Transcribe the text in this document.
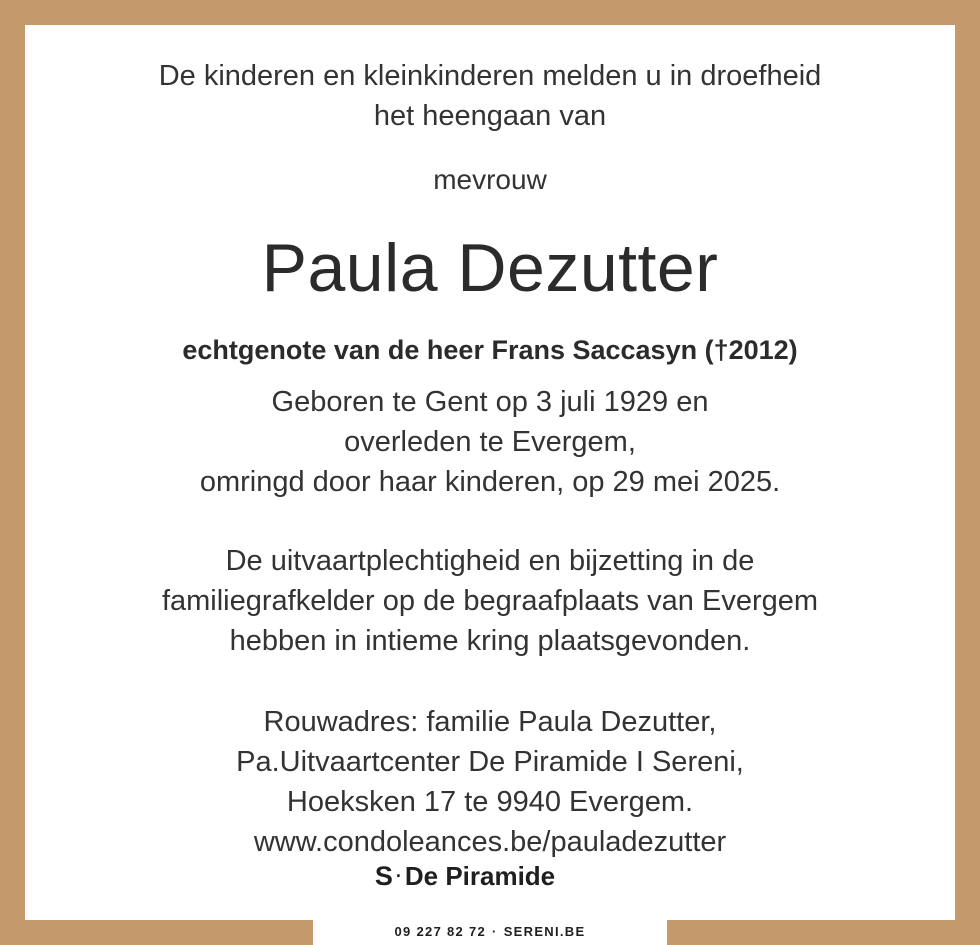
De kinderen en kleinkinderen melden u in droefheid
het heengaan van
mevrouw
Paula Dezutter
echtgenote van de heer Frans Saccasyn (†2012)
Geboren te Gent op 3 juli 1929 en
overleden te Evergem,
omringd door haar kinderen, op 29 mei 2025.
De uitvaartplechtigheid en bijzetting in de
familiegrafkelder op de begraafplaats van Evergem
hebben in intieme kring plaatsgevonden.
Rouwadres: familie Paula Dezutter,
Pa.Uitvaartcenter De Piramide I Sereni,
Hoeksken 17 te 9940 Evergem.
www.condoleances.be/pauladezutter
S · De Piramide
09 227 82 72 · SERENI.BE
